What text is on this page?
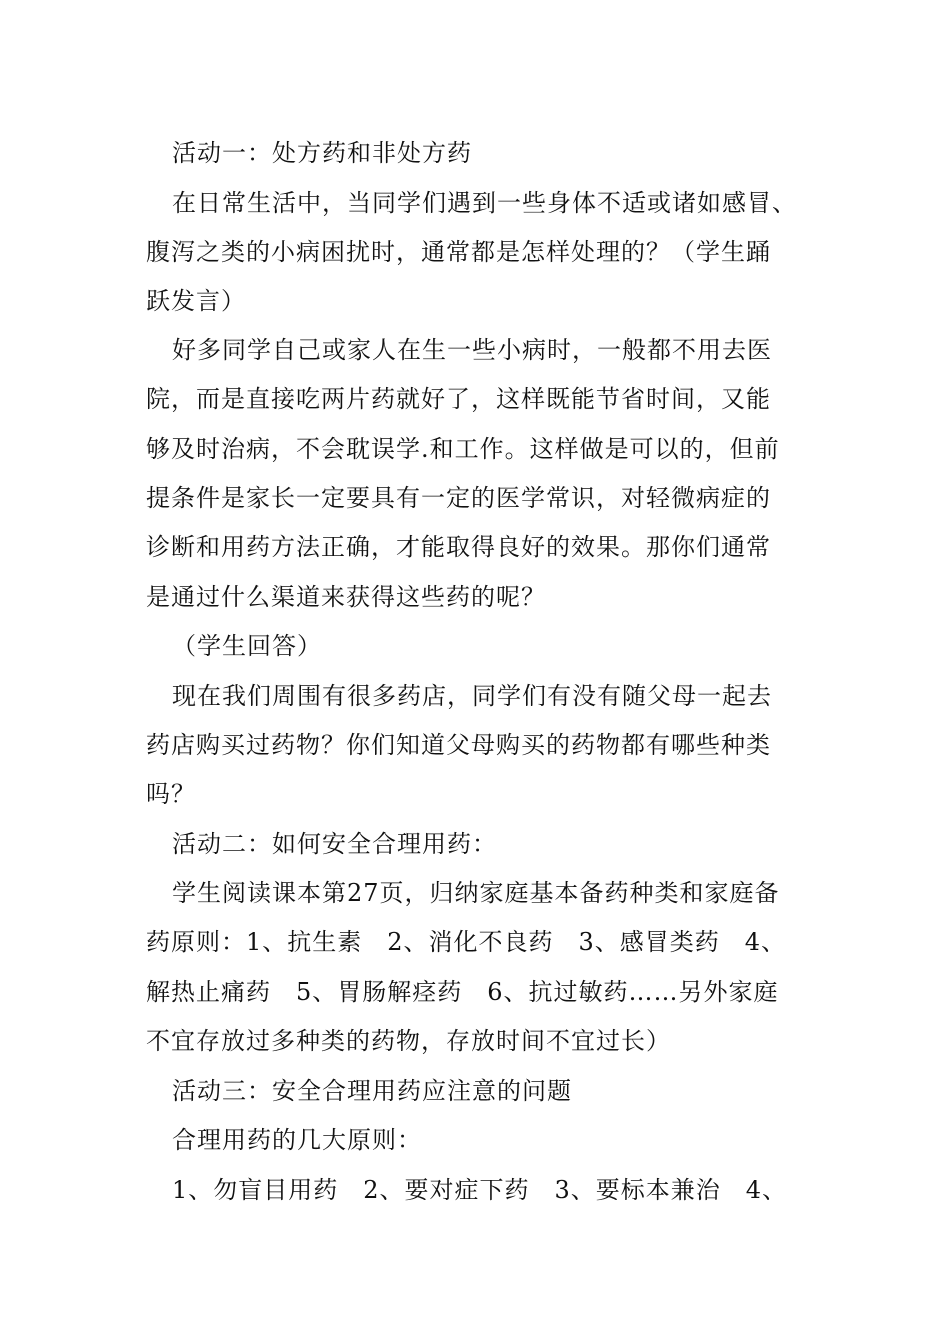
活动一：处方药和非处方药
在日常生活中，当同学们遇到一些身体不适或诸如感冒、
腹泻之类的小病困扰时，通常都是怎样处理的？（学生踊
跃发言）
好多同学自己或家人在生一些小病时，一般都不用去医
院，而是直接吃两片药就好了，这样既能节省时间，又能
够及时治病，不会耽误学.和工作。这样做是可以的，但前
提条件是家长一定要具有一定的医学常识，对轻微病症的
诊断和用药方法正确，才能取得良好的效果。那你们通常
是通过什么渠道来获得这些药的呢？
（学生回答）
现在我们周围有很多药店，同学们有没有随父母一起去
药店购买过药物？你们知道父母购买的药物都有哪些种类
吗？
活动二：如何安全合理用药：
学生阅读课本第27页，归纳家庭基本备药种类和家庭备
药原则：1、抗生素　2、消化不良药　3、感冒类药　4、
解热止痛药　5、胃肠解痉药　6、抗过敏药……另外家庭
不宜存放过多种类的药物，存放时间不宜过长）
活动三：安全合理用药应注意的问题
合理用药的几大原则：
1、勿盲目用药　2、要对症下药　3、要标本兼治　4、
